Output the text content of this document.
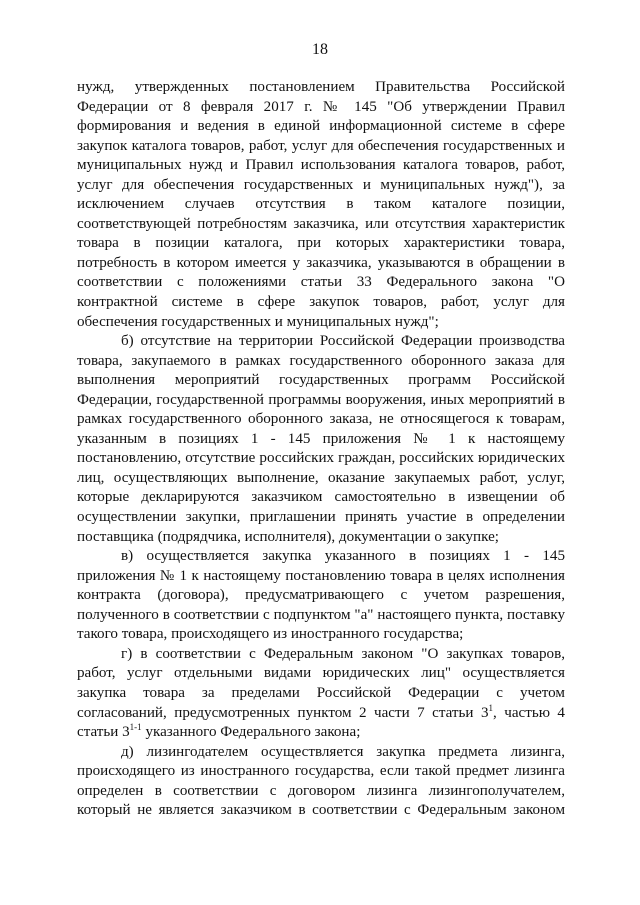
18

нужд, утвержденных постановлением Правительства Российской Федерации от 8 февраля 2017 г. № 145 "Об утверждении Правил формирования и ведения в единой информационной системе в сфере закупок каталога товаров, работ, услуг для обеспечения государственных и муниципальных нужд и Правил использования каталога товаров, работ, услуг для обеспечения государственных и муниципальных нужд"), за исключением случаев отсутствия в таком каталоге позиции, соответствующей потребностям заказчика, или отсутствия характеристик товара в позиции каталога, при которых характеристики товара, потребность в котором имеется у заказчика, указываются в обращении в соответствии с положениями статьи 33 Федерального закона "О контрактной системе в сфере закупок товаров, работ, услуг для обеспечения государственных и муниципальных нужд";

б) отсутствие на территории Российской Федерации производства товара, закупаемого в рамках государственного оборонного заказа для выполнения мероприятий государственных программ Российской Федерации, государственной программы вооружения, иных мероприятий в рамках государственного оборонного заказа, не относящегося к товарам, указанным в позициях 1 - 145 приложения № 1 к настоящему постановлению, отсутствие российских граждан, российских юридических лиц, осуществляющих выполнение, оказание закупаемых работ, услуг, которые декларируются заказчиком самостоятельно в извещении об осуществлении закупки, приглашении принять участие в определении поставщика (подрядчика, исполнителя), документации о закупке;

в) осуществляется закупка указанного в позициях 1 - 145 приложения № 1 к настоящему постановлению товара в целях исполнения контракта (договора), предусматривающего с учетом разрешения, полученного в соответствии с подпунктом "а" настоящего пункта, поставку такого товара, происходящего из иностранного государства;

г) в соответствии с Федеральным законом "О закупках товаров, работ, услуг отдельными видами юридических лиц" осуществляется закупка товара за пределами Российской Федерации с учетом согласований, предусмотренных пунктом 2 части 7 статьи $3^1$, частью 4 статьи 3$^{1-1}$ указанного Федерального закона;

д) лизингодателем осуществляется закупка предмета лизинга, происходящего из иностранного государства, если такой предмет лизинга определен в соответствии с договором лизинга лизингополучателем, который не является заказчиком в соответствии с Федеральным законом
